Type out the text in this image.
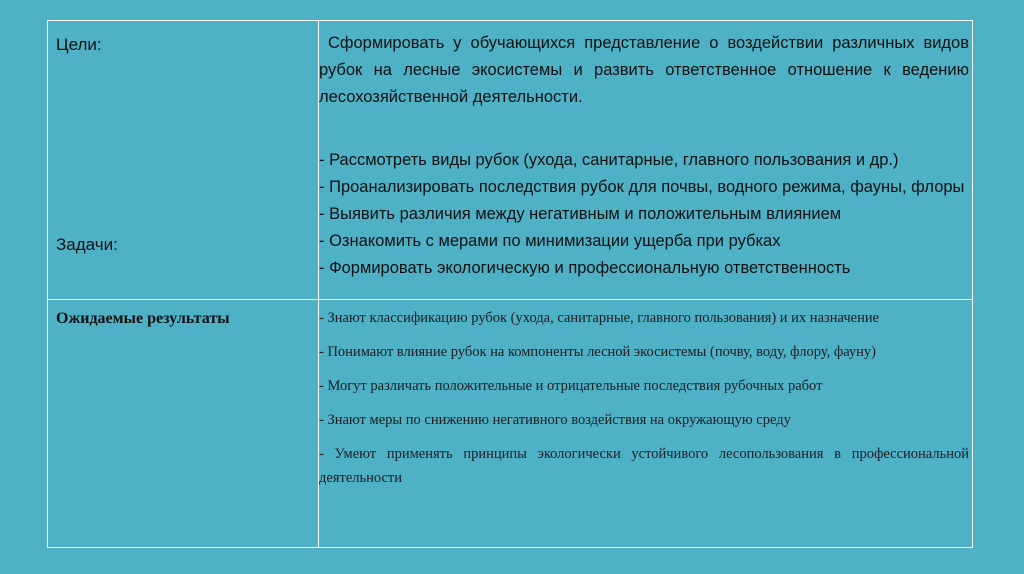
Цели:
Задачи:
Сформировать у обучающихся представление о воздействии различных видов рубок на лесные экосистемы и развить ответственное отношение к ведению лесохозяйственной деятельности.
- Рассмотреть виды рубок (ухода, санитарные, главного пользования и др.)
- Проанализировать последствия рубок для почвы, водного режима, фауны, флоры
- Выявить различия между негативным и положительным влиянием
- Ознакомить с мерами по минимизации ущерба при рубках
- Формировать экологическую и профессиональную ответственность
Ожидаемые результаты	- Знают классификацию рубок (ухода, санитарные, главного пользования) и их назначение
- Понимают влияние рубок на компоненты лесной экосистемы (почву, воду, флору, фауну)
- Могут различать положительные и отрицательные последствия рубочных работ
- Знают меры по снижению негативного воздействия на окружающую среду
- Умеют применять принципы экологически устойчивого лесопользования в профессиональной деятельности
